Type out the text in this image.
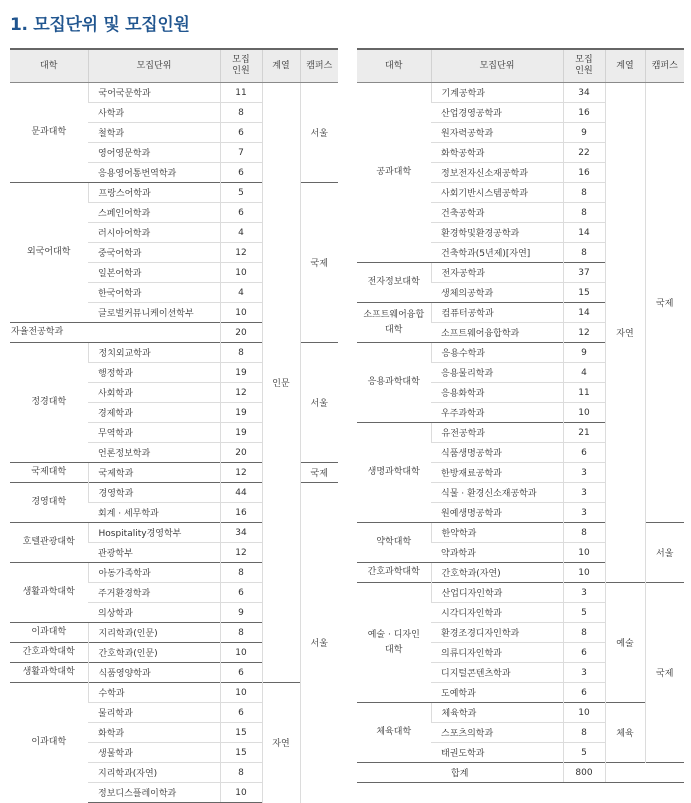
1. 모집단위 및 모집인원
대학	모집단위	모집
인원	계열	캠퍼스
문과대학	국어국문학과	11	인문	서울
	사학과	8		
	철학과	6		
	영어영문학과	7		
	응용영어통번역학과	6		
외국어대학	프랑스어학과	5		국제
	스페인어학과	6		
	러시아어학과	4		
	중국어학과	12		
	일본어학과	10		
	한국어학과	4		
	글로벌커뮤니케이션학부	10		
자율전공학과		20		
정경대학	정치외교학과	8		서울
	행정학과	19		
	사회학과	12		
	경제학과	19		
	무역학과	19		
	언론정보학과	20		
국제대학	국제학과	12		국제
경영대학	경영학과	44		서울
	회계 · 세무학과	16		
호텔관광대학	Hospitality경영학부	34		
	관광학부	12		
생활과학대학	아동가족학과	8		
	주거환경학과	6		
	의상학과	9		
이과대학	지리학과(인문)	8		
간호과학대학	간호학과(인문)	10		
생활과학대학	식품영양학과	6		
이과대학	수학과	10	자연	
	물리학과	6		
	화학과	15		
	생물학과	15		
	지리학과(자연)	8		
	정보디스플레이학과	10		
대학	모집단위	모집
인원	계열	캠퍼스
공과대학	기계공학과	34	자연	국제
	산업경영공학과	16		
	원자력공학과	9		
	화학공학과	22		
	정보전자신소재공학과	16		
	사회기반시스템공학과	8		
	건축공학과	8		
	환경학및환경공학과	14		
	건축학과(5년제)[자연]	8		
전자정보대학	전자공학과	37		
	생체의공학과	15		
소프트웨어융합
대학	컴퓨터공학과	14		
	소프트웨어융합학과	12		
응용과학대학	응용수학과	9		
	응용물리학과	4		
	응용화학과	11		
	우주과학과	10		
생명과학대학	유전공학과	21		
	식품생명공학과	6		
	한방재료공학과	3		
	식물 · 환경신소재공학과	3		
	원예생명공학과	3		
약학대학	한약학과	8		서울
	약과학과	10		
간호과학대학	간호학과(자연)	10		
예술 · 디자인
대학	산업디자인학과	3	예술	국제
	시각디자인학과	5		
	환경조경디자인학과	8		
	의류디자인학과	6		
	디지털콘텐츠학과	3		
	도예학과	6		
체육대학	체육학과	10	체육	
	스포츠의학과	8		
	태권도학과	5		
합계		800		
